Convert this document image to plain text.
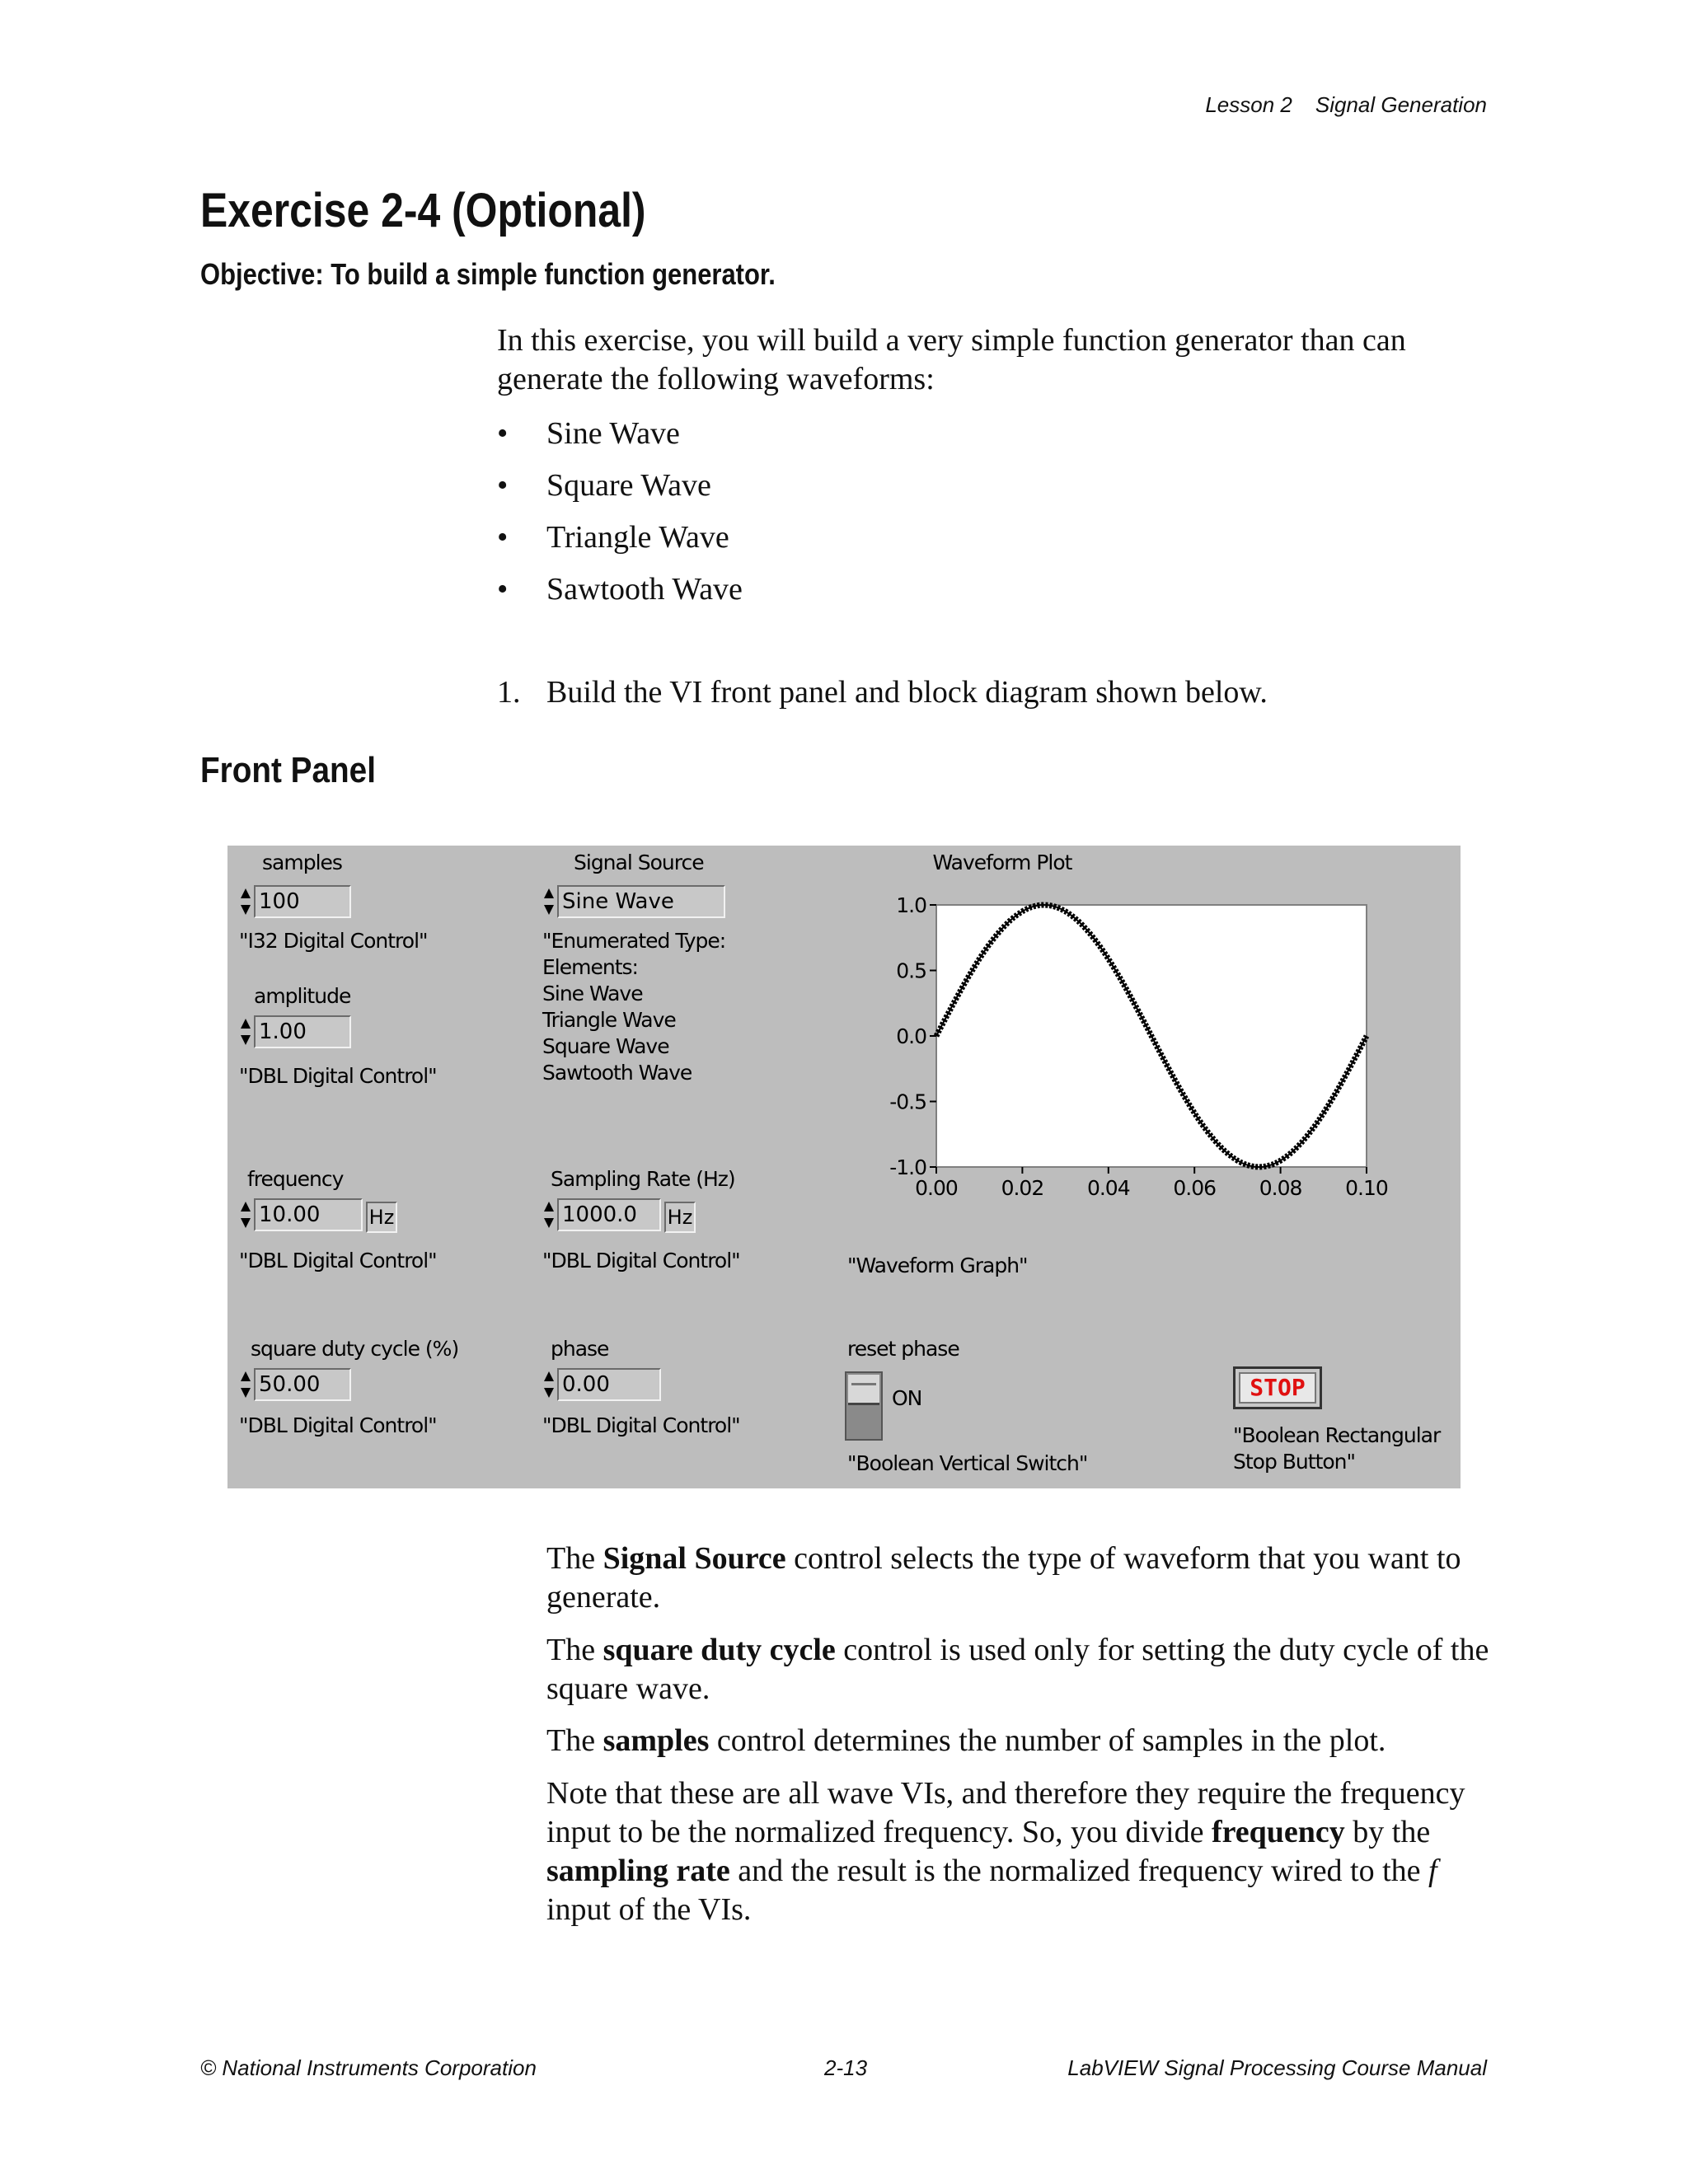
Lesson 2 Signal Generation
Exercise 2-4 (Optional)
Objective: To build a simple function generator.
In this exercise, you will build a very simple function generator than can generate the following waveforms:
• Sine Wave
• Square Wave
• Triangle Wave
• Sawtooth Wave
1. Build the VI front panel and block diagram shown below.
Front Panel
samples
100
"I32 Digital Control"
amplitude
1.00
"DBL Digital Control"
frequency
10.00	Hz
"DBL Digital Control"
square duty cycle (%)
50.00
"DBL Digital Control"
Signal Source
Sine Wave
"Enumerated Type:
Elements:
Sine Wave
Triangle Wave
Square Wave
Sawtooth Wave
Sampling Rate (Hz)
1000.0	Hz
"DBL Digital Control"
phase
0.00
"DBL Digital Control"
Waveform Plot
1.0
0.5
0.0
-0.5
-1.0
0.00 0.02 0.04 0.06 0.08 0.10
"Waveform Graph"
reset phase
ON
"Boolean Vertical Switch"
STOP
"Boolean Rectangular
Stop Button"
The Signal Source control selects the type of waveform that you want to generate.
The square duty cycle control is used only for setting the duty cycle of the square wave.
The samples control determines the number of samples in the plot.
Note that these are all wave VIs, and therefore they require the frequency input to be the normalized frequency. So, you divide frequency by the sampling rate and the result is the normalized frequency wired to the f input of the VIs.
© National Instruments Corporation	2-13	LabVIEW Signal Processing Course Manual
